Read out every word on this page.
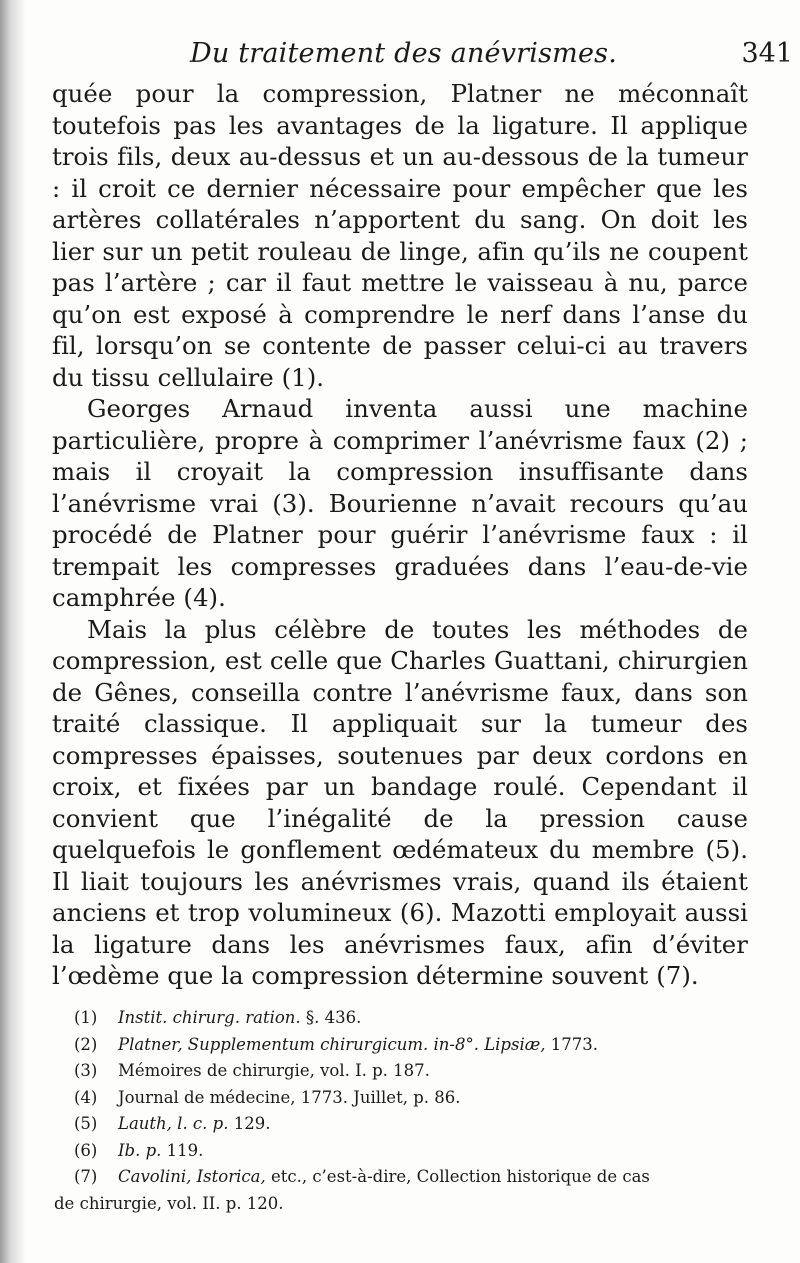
Du traitement des anévrismes.	341

quée pour la compression, Platner ne méconnaît toutefois pas les avantages de la ligature. Il applique trois fils, deux au-dessus et un au-dessous de la tumeur : il croit ce dernier nécessaire pour empêcher que les artères collatérales n’apportent du sang. On doit les lier sur un petit rouleau de linge, afin qu’ils ne coupent pas l’artère ; car il faut mettre le vaisseau à nu, parce qu’on est exposé à comprendre le nerf dans l’anse du fil, lorsqu’on se contente de passer celui-ci au travers du tissu cellulaire (1).

Georges Arnaud inventa aussi une machine particulière, propre à comprimer l’anévrisme faux (2) ; mais il croyait la compression insuffisante dans l’anévrisme vrai (3). Bourienne n’avait recours qu’au procédé de Platner pour guérir l’anévrisme faux : il trempait les compresses graduées dans l’eau-de-vie camphrée (4).

Mais la plus célèbre de toutes les méthodes de compression, est celle que Charles Guattani, chirurgien de Gênes, conseilla contre l’anévrisme faux, dans son traité classique. Il appliquait sur la tumeur des compresses épaisses, soutenues par deux cordons en croix, et fixées par un bandage roulé. Cependant il convient que l’inégalité de la pression cause quelquefois le gonflement œdémateux du membre (5). Il liait toujours les anévrismes vrais, quand ils étaient anciens et trop volumineux (6). Mazotti employait aussi la ligature dans les anévrismes faux, afin d’éviter l’œdème que la compression détermine souvent (7).

(1) Instit. chirurg. ration. §. 436.

(2) Platner, Supplementum chirurgicum. in-8°. Lipsiæ, 1773.

(3) Mémoires de chirurgie, vol. I. p. 187.

(4) Journal de médecine, 1773. Juillet, p. 86.

(5) Lauth, l. c. p. 129.

(6) Ib. p. 119.

(7) Cavolini, Istorica, etc., c’est-à-dire, Collection historique de cas
de chirurgie, vol. II. p. 120.
